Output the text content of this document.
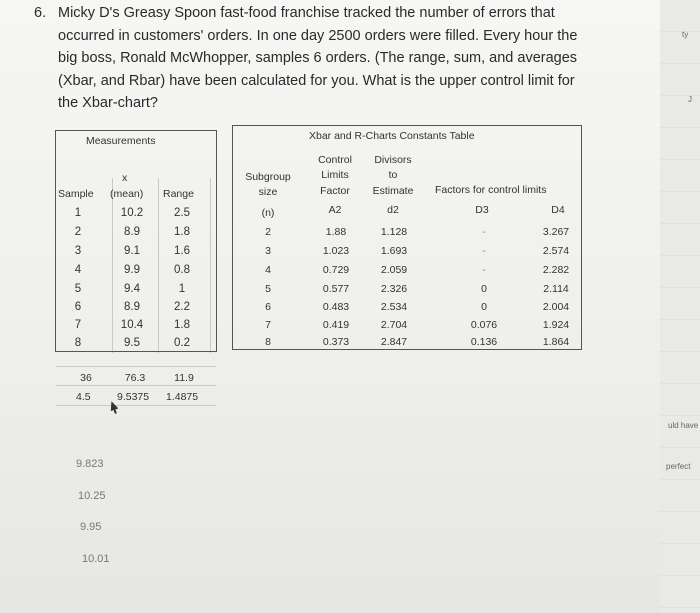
6. Micky D's Greasy Spoon fast-food franchise tracked the number of errors that occurred in customers' orders. In one day 2500 orders were filled. Every hour the big boss, Ronald McWhopper, samples 6 orders. (The range, sum, and averages (Xbar, and Rbar) have been calculated for you. What is the upper control limit for the Xbar-chart?
Measurements
x
Sample (mean) Range
1	10.2	2.5
2	8.9	1.8
3	9.1	1.6
4	9.9	0.8
5	9.4	1
6	8.9	2.2
7	10.4	1.8
8	9.5	0.2
36	76.3	11.9
4.5	9.5375 1.4875
Xbar and R-Charts Constants Table
Subgroup
size
(n)
Control
Limits
Factor
A2
Divisors
to
Estimate
d2
Factors for control limits
D3	D4
2	1.88	1.128	-	3.267
3	1.023	1.693	-	2.574
4	0.729	2.059	-	2.282
5	0.577	2.326	0	2.114
6	0.483	2.534	0	2.004
7	0.419	2.704	0.076	1.924
8	0.373	2.847	0.136	1.864
9.823
10.25
9.95
10.01
ty
J
uld have
perfect
